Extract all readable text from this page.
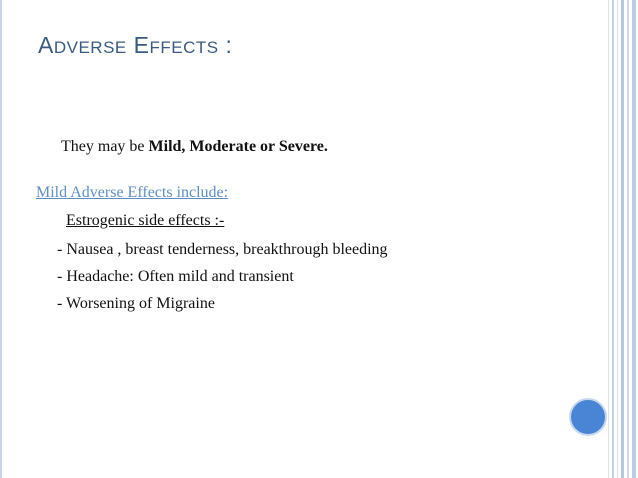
ADVERSE EFFECTS :
They may be Mild, Moderate or Severe.
Mild Adverse Effects include:
Estrogenic side effects :-
- Nausea , breast tenderness, breakthrough bleeding
- Headache: Often mild and transient
- Worsening of Migraine
